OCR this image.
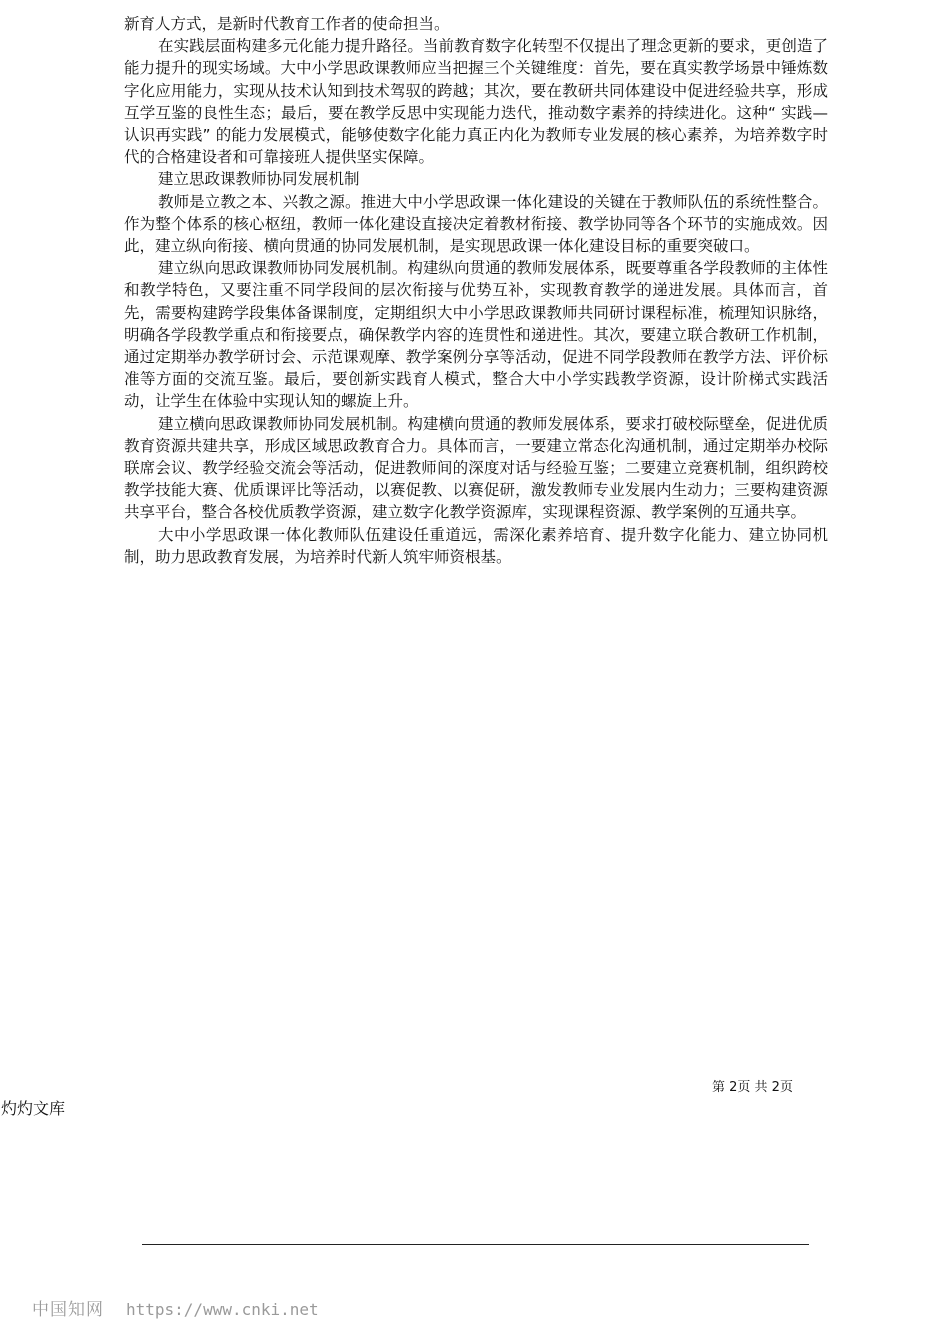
新育人方式，是新时代教育工作者的使命担当。

在实践层面构建多元化能力提升路径。当前教育数字化转型不仅提出了理念更新的要求，更创造了能力提升的现实场域。大中小学思政课教师应当把握三个关键维度：首先，要在真实教学场景中锤炼数字化应用能力，实现从技术认知到技术驾驭的跨越；其次，要在教研共同体建设中促进经验共享，形成互学互鉴的良性生态；最后，要在教学反思中实现能力迭代，推动数字素养的持续进化。这种“ 实践—认识再实践” 的能力发展模式，能够使数字化能力真正内化为教师专业发展的核心素养，为培养数字时代的合格建设者和可靠接班人提供坚实保障。

建立思政课教师协同发展机制

教师是立教之本、兴教之源。推进大中小学思政课一体化建设的关键在于教师队伍的系统性整合。作为整个体系的核心枢纽，教师一体化建设直接决定着教材衔接、教学协同等各个环节的实施成效。因此，建立纵向衔接、横向贯通的协同发展机制，是实现思政课一体化建设目标的重要突破口。

建立纵向思政课教师协同发展机制。构建纵向贯通的教师发展体系，既要尊重各学段教师的主体性和教学特色，又要注重不同学段间的层次衔接与优势互补，实现教育教学的递进发展。具体而言，首先，需要构建跨学段集体备课制度，定期组织大中小学思政课教师共同研讨课程标准，梳理知识脉络，明确各学段教学重点和衔接要点，确保教学内容的连贯性和递进性。其次，要建立联合教研工作机制，通过定期举办教学研讨会、示范课观摩、教学案例分享等活动，促进不同学段教师在教学方法、评价标准等方面的交流互鉴。最后，要创新实践育人模式，整合大中小学实践教学资源，设计阶梯式实践活动，让学生在体验中实现认知的螺旋上升。

建立横向思政课教师协同发展机制。构建横向贯通的教师发展体系，要求打破校际壁垒，促进优质教育资源共建共享，形成区域思政教育合力。具体而言，一要建立常态化沟通机制，通过定期举办校际联席会议、教学经验交流会等活动，促进教师间的深度对话与经验互鉴；二要建立竞赛机制，组织跨校教学技能大赛、优质课评比等活动，以赛促教、以赛促研，激发教师专业发展内生动力；三要构建资源共享平台，整合各校优质教学资源，建立数字化教学资源库，实现课程资源、教学案例的互通共享。

大中小学思政课一体化教师队伍建设任重道远，需深化素养培育、提升数字化能力、建立协同机制，助力思政教育发展，为培养时代新人筑牢师资根基。

第 2页 共 2页
灼灼文库
中国知网 https://www.cnki.net
